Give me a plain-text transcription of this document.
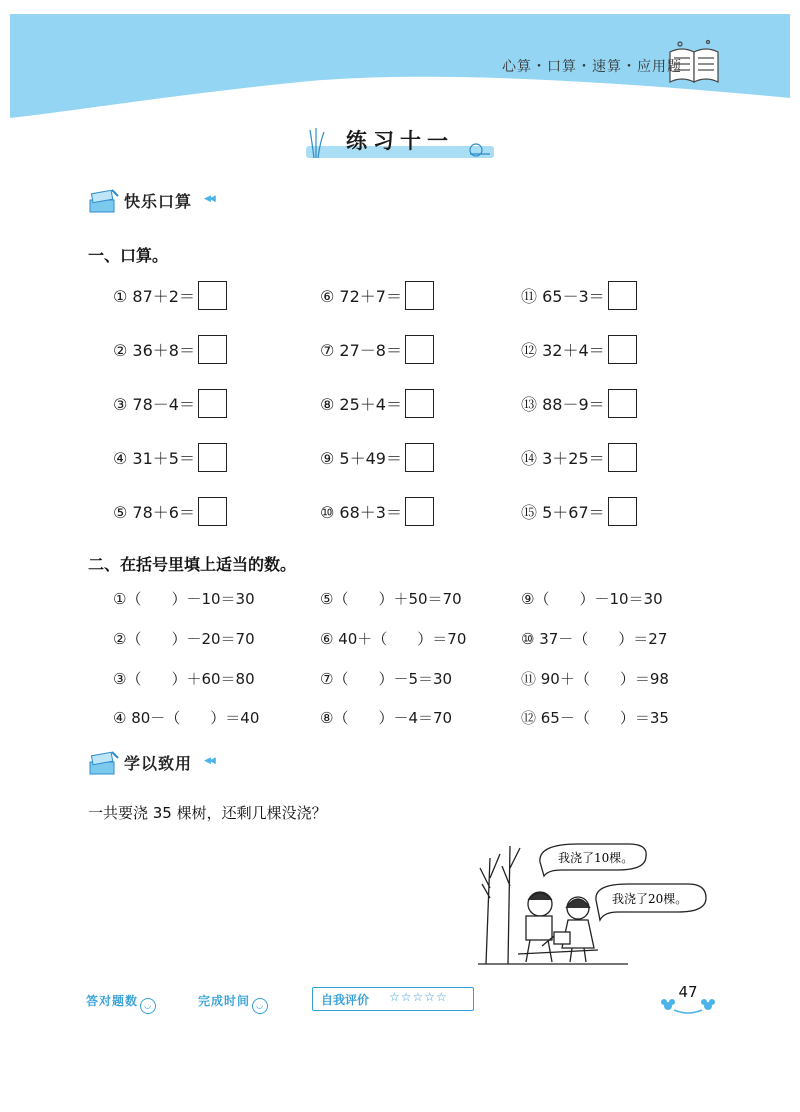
心算・口算・速算・应用题
练习十一
快乐口算 ◀◀
一、口算。
① 87＋2＝	⑥ 72＋7＝	⑪ 65－3＝
② 36＋8＝	⑦ 27－8＝	⑫ 32＋4＝
③ 78－4＝	⑧ 25＋4＝	⑬ 88－9＝
④ 31＋5＝	⑨ 5＋49＝	⑭ 3＋25＝
⑤ 78＋6＝	⑩ 68＋3＝	⑮ 5＋67＝
二、在括号里填上适当的数。
①（　　）－10＝30	⑤（　　）＋50＝70	⑨（　　）－10＝30
②（　　）－20＝70	⑥ 40＋（　　）＝70	⑩ 37－（　　）＝27
③（　　）＋60＝80	⑦（　　）－5＝30	⑪ 90＋（　　）＝98
④ 80－（　　）＝40	⑧（　　）－4＝70	⑫ 65－（　　）＝35
学以致用 ◀◀
一共要浇 35 棵树，还剩几棵没浇？
我浇了10棵。
我浇了20棵。
答对题数 ◡	完成时间 ◡	自我评价 ☆☆☆☆☆	47
